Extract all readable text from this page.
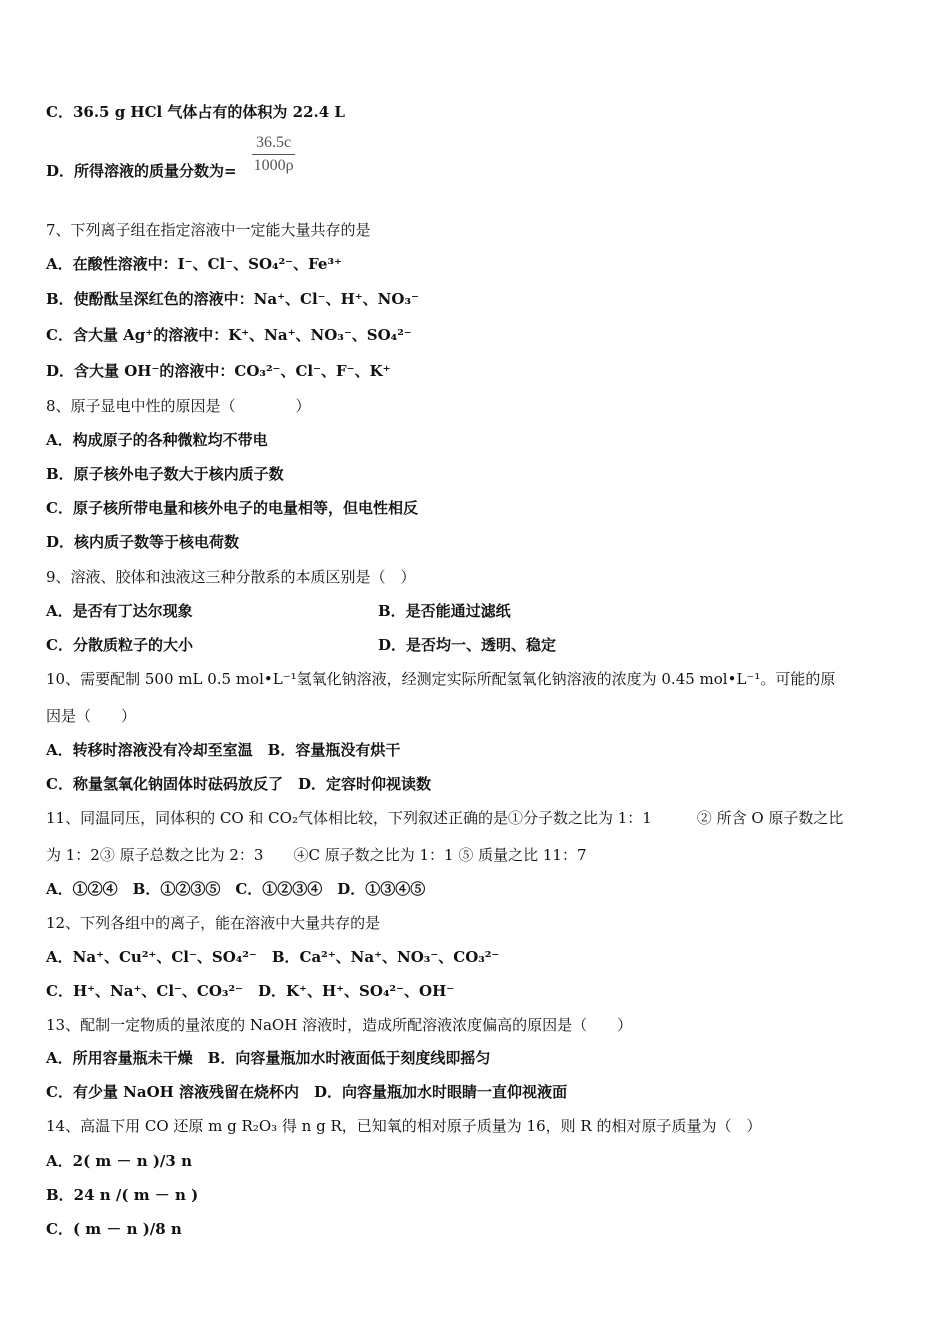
C．36.5 g HCl 气体占有的体积为 22.4 L
D．所得溶液的质量分数为= $\frac{36.5c}{1000\rho}$
7、下列离子组在指定溶液中一定能大量共存的是
A．在酸性溶液中：I⁻、Cl⁻、SO₄²⁻、Fe³⁺
B．使酚酞呈深红色的溶液中：Na⁺、Cl⁻、H⁺、NO₃⁻
C．含大量 Ag⁺的溶液中：K⁺、Na⁺、NO₃⁻、SO₄²⁻
D．含大量 OH⁻的溶液中：CO₃²⁻、Cl⁻、F⁻、K⁺
8、原子显电中性的原因是（　　　　）
A．构成原子的各种微粒均不带电
B．原子核外电子数大于核内质子数
C．原子核所带电量和核外电子的电量相等，但电性相反
D．核内质子数等于核电荷数
9、溶液、胶体和浊液这三种分散系的本质区别是（　）
A．是否有丁达尔现象	B．是否能通过滤纸
C．分散质粒子的大小	D．是否均一、透明、稳定
10、需要配制 500 mL 0.5 mol•L⁻¹氢氧化钠溶液，经测定实际所配氢氧化钠溶液的浓度为 0.45 mol•L⁻¹。可能的原
因是（　　）
A．转移时溶液没有冷却至室温　B．容量瓶没有烘干
C．称量氢氧化钠固体时砝码放反了　D．定容时仰视读数
11、同温同压，同体积的 CO 和 CO₂气体相比较，下列叙述正确的是①分子数之比为 1：1　　　② 所含 O 原子数之比
为 1：2③ 原子总数之比为 2：3　　④C 原子数之比为 1：1 ⑤ 质量之比 11：7
A．①②④　B．①②③⑤　C．①②③④　D．①③④⑤
12、下列各组中的离子，能在溶液中大量共存的是
A．Na⁺、Cu²⁺、Cl⁻、SO₄²⁻　B．Ca²⁺、Na⁺、NO₃⁻、CO₃²⁻
C．H⁺、Na⁺、Cl⁻、CO₃²⁻　D．K⁺、H⁺、SO₄²⁻、OH⁻
13、配制一定物质的量浓度的 NaOH 溶液时，造成所配溶液浓度偏高的原因是（　　）
A．所用容量瓶未干燥　B．向容量瓶加水时液面低于刻度线即摇匀
C．有少量 NaOH 溶液残留在烧杯内　D．向容量瓶加水时眼睛一直仰视液面
14、高温下用 CO 还原 m g R₂O₃ 得 n g R，已知氧的相对原子质量为 16，则 R 的相对原子质量为（　）
A．2( m － n )/3 n
B．24 n /( m － n )
C．( m － n )/8 n
